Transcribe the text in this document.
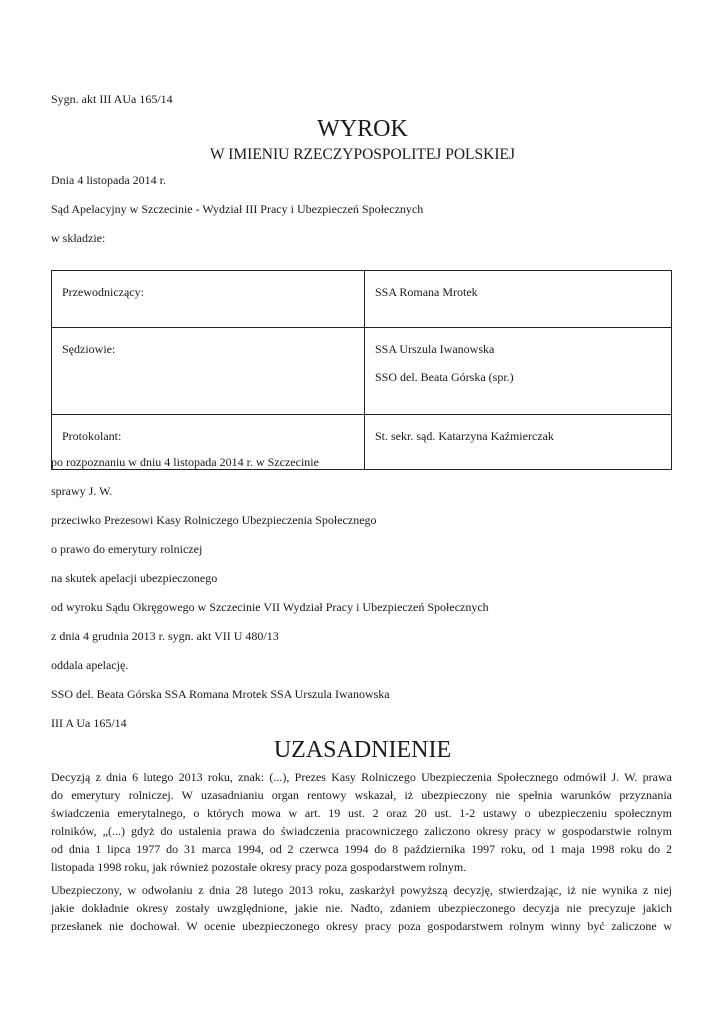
Sygn. akt III AUa 165/14
WYROK
W IMIENIU RZECZYPOSPOLITEJ POLSKIEJ
Dnia 4 listopada 2014 r.
Sąd Apelacyjny w Szczecinie - Wydział III Pracy i Ubezpieczeń Społecznych
w składzie:
Przewodniczący:	SSA Romana Mrotek
Sędziowie:	SSA Urszula Iwanowska
SSO del. Beata Górska (spr.)

Protokolant:	St. sekr. sąd. Katarzyna Kaźmierczak
po rozpoznaniu w dniu 4 listopada 2014 r. w Szczecinie
sprawy J. W.
przeciwko Prezesowi Kasy Rolniczego Ubezpieczenia Społecznego
o prawo do emerytury rolniczej
na skutek apelacji ubezpieczonego
od wyroku Sądu Okręgowego w Szczecinie VII Wydział Pracy i Ubezpieczeń Społecznych
z dnia 4 grudnia 2013 r. sygn. akt VII U 480/13
oddala apelację.
SSO del. Beata Górska SSA Romana Mrotek SSA Urszula Iwanowska
III A Ua 165/14
UZASADNIENIE
Decyzją z dnia 6 lutego 2013 roku, znak: (...), Prezes Kasy Rolniczego Ubezpieczenia Społecznego odmówił J. W. prawa
do emerytury rolniczej. W uzasadnianiu organ rentowy wskazał, iż ubezpieczony nie spełnia warunków przyznania
świadczenia emerytalnego, o których mowa w art. 19 ust. 2 oraz 20 ust. 1-2 ustawy o ubezpieczeniu społecznym
rolników, „(...) gdyż do ustalenia prawa do świadczenia pracowniczego zaliczono okresy pracy w gospodarstwie rolnym
od dnia 1 lipca 1977 do 31 marca 1994, od 2 czerwca 1994 do 8 października 1997 roku, od 1 maja 1998 roku do 2
listopada 1998 roku, jak również pozostałe okresy pracy poza gospodarstwem rolnym.
Ubezpieczony, w odwołaniu z dnia 28 lutego 2013 roku, zaskarżył powyższą decyzję, stwierdzając, iż nie wynika z niej
jakie dokładnie okresy zostały uwzględnione, jakie nie. Nadto, zdaniem ubezpieczonego decyzja nie precyzuje jakich
przesłanek nie dochował. W ocenie ubezpieczonego okresy pracy poza gospodarstwem rolnym winny być zaliczone w
